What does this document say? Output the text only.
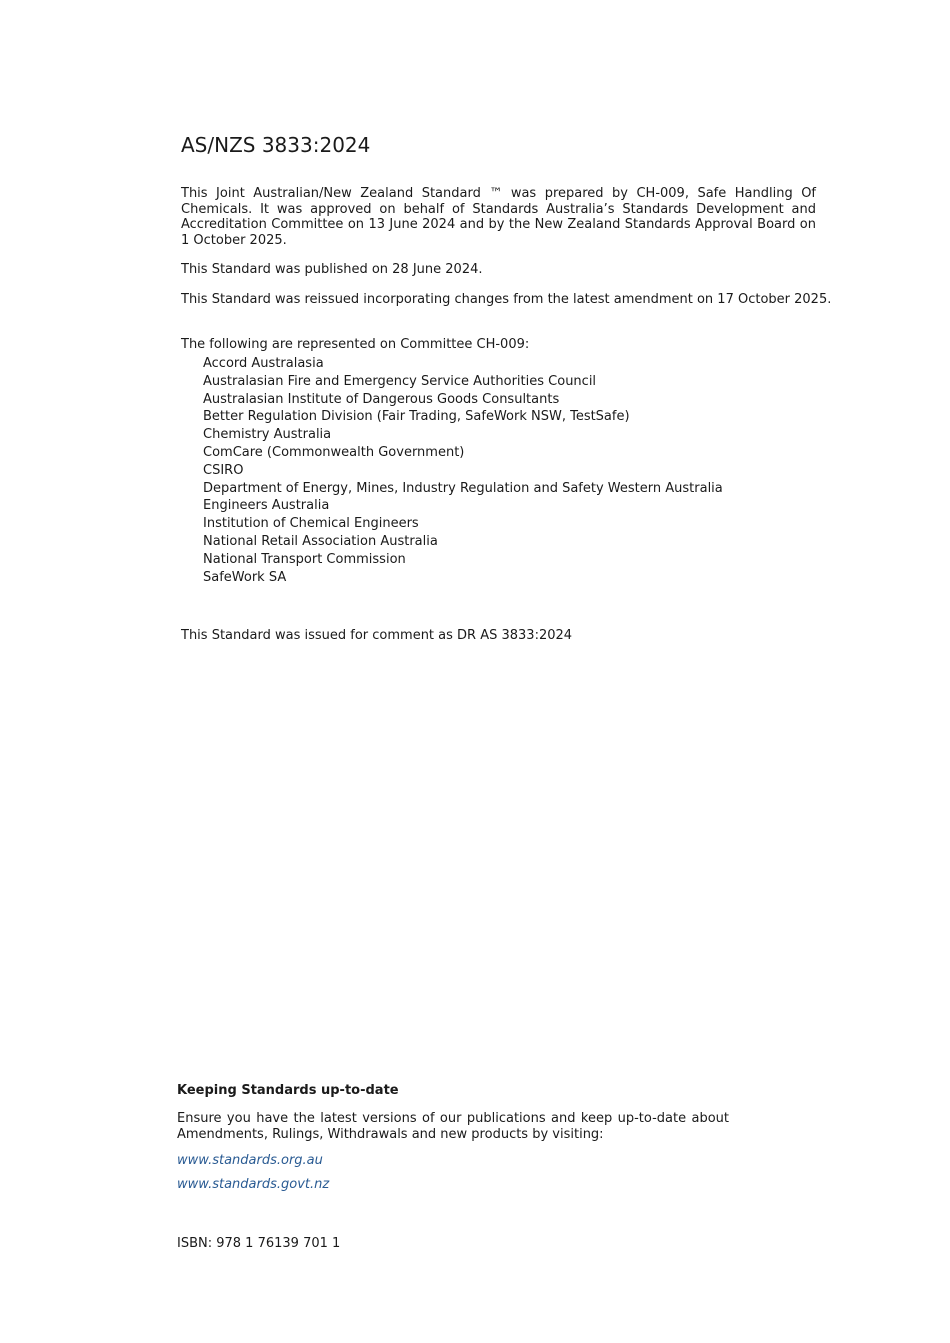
AS/NZS 3833:2024

This Joint Australian/New Zealand Standard ™ was prepared by CH-009, Safe Handling Of Chemicals. It was approved on behalf of Standards Australia’s Standards Development and Accreditation Committee on 13 June 2024 and by the New Zealand Standards Approval Board on 1 October 2025.

This Standard was published on 28 June 2024.

This Standard was reissued incorporating changes from the latest amendment on 17 October 2025.

The following are represented on Committee CH-009:

Accord Australasia
Australasian Fire and Emergency Service Authorities Council
Australasian Institute of Dangerous Goods Consultants
Better Regulation Division (Fair Trading, SafeWork NSW, TestSafe)
Chemistry Australia
ComCare (Commonwealth Government)
CSIRO
Department of Energy, Mines, Industry Regulation and Safety Western Australia
Engineers Australia
Institution of Chemical Engineers
National Retail Association Australia
National Transport Commission
SafeWork SA

This Standard was issued for comment as DR AS 3833:2024

Keeping Standards up-to-date

Ensure you have the latest versions of our publications and keep up-to-date about Amendments, Rulings, Withdrawals and new products by visiting:

www.standards.org.au
www.standards.govt.nz

ISBN: 978 1 76139 701 1
